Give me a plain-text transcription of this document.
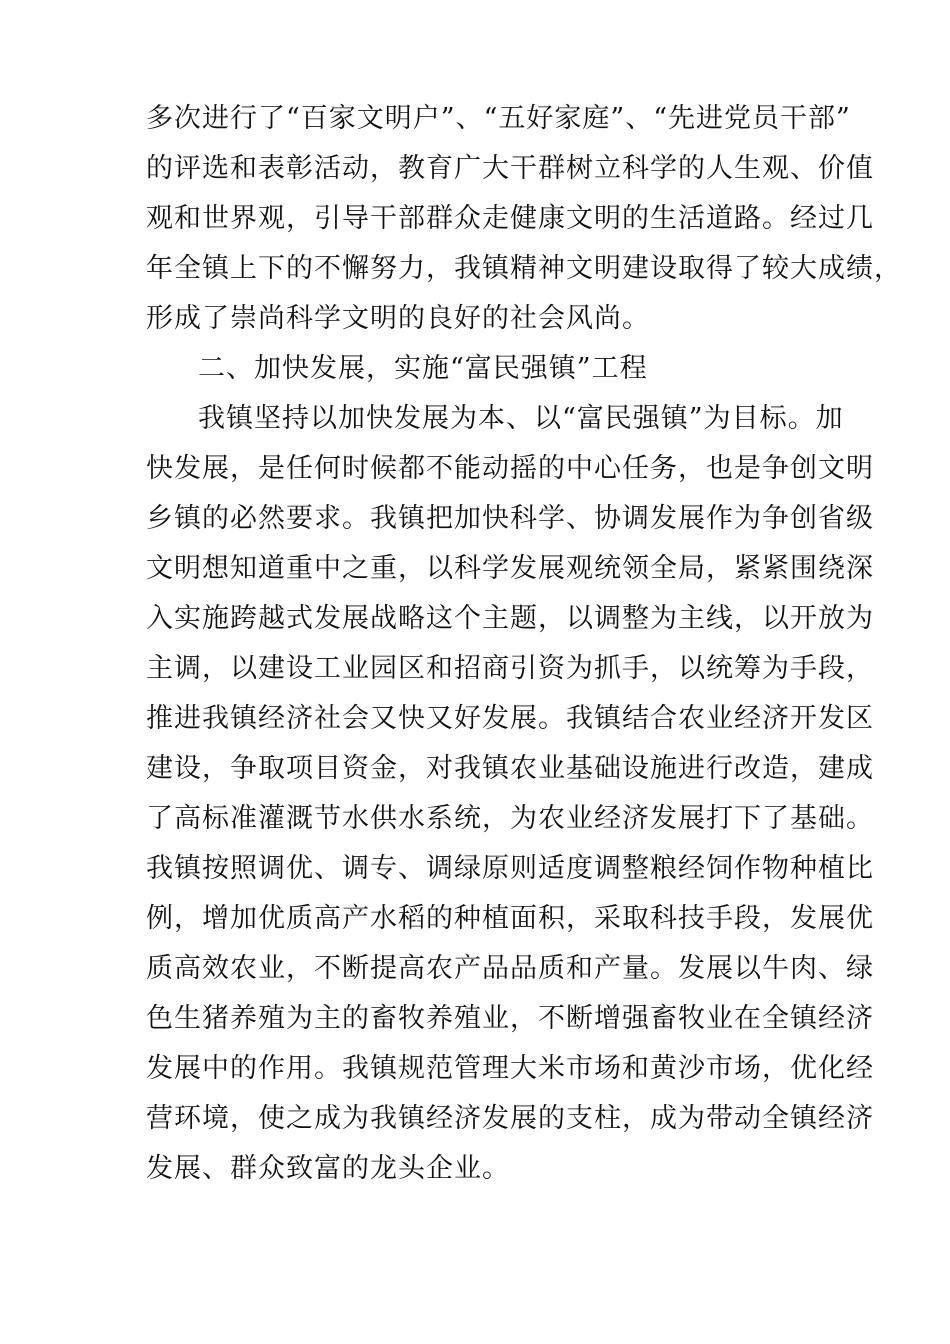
多次进行了“百家文明户”、“五好家庭”、“先进党员干部”
的评选和表彰活动，教育广大干群树立科学的人生观、价值
观和世界观，引导干部群众走健康文明的生活道路。经过几
年全镇上下的不懈努力，我镇精神文明建设取得了较大成绩，
形成了崇尚科学文明的良好的社会风尚。
二、加快发展，实施“富民强镇”工程
我镇坚持以加快发展为本、以“富民强镇”为目标。加
快发展，是任何时候都不能动摇的中心任务，也是争创文明
乡镇的必然要求。我镇把加快科学、协调发展作为争创省级
文明想知道重中之重，以科学发展观统领全局，紧紧围绕深
入实施跨越式发展战略这个主题，以调整为主线，以开放为
主调，以建设工业园区和招商引资为抓手，以统筹为手段，
推进我镇经济社会又快又好发展。我镇结合农业经济开发区
建设，争取项目资金，对我镇农业基础设施进行改造，建成
了高标准灌溉节水供水系统，为农业经济发展打下了基础。
我镇按照调优、调专、调绿原则适度调整粮经饲作物种植比
例，增加优质高产水稻的种植面积，采取科技手段，发展优
质高效农业，不断提高农产品品质和产量。发展以牛肉、绿
色生猪养殖为主的畜牧养殖业，不断增强畜牧业在全镇经济
发展中的作用。我镇规范管理大米市场和黄沙市场，优化经
营环境，使之成为我镇经济发展的支柱，成为带动全镇经济
发展、群众致富的龙头企业。
